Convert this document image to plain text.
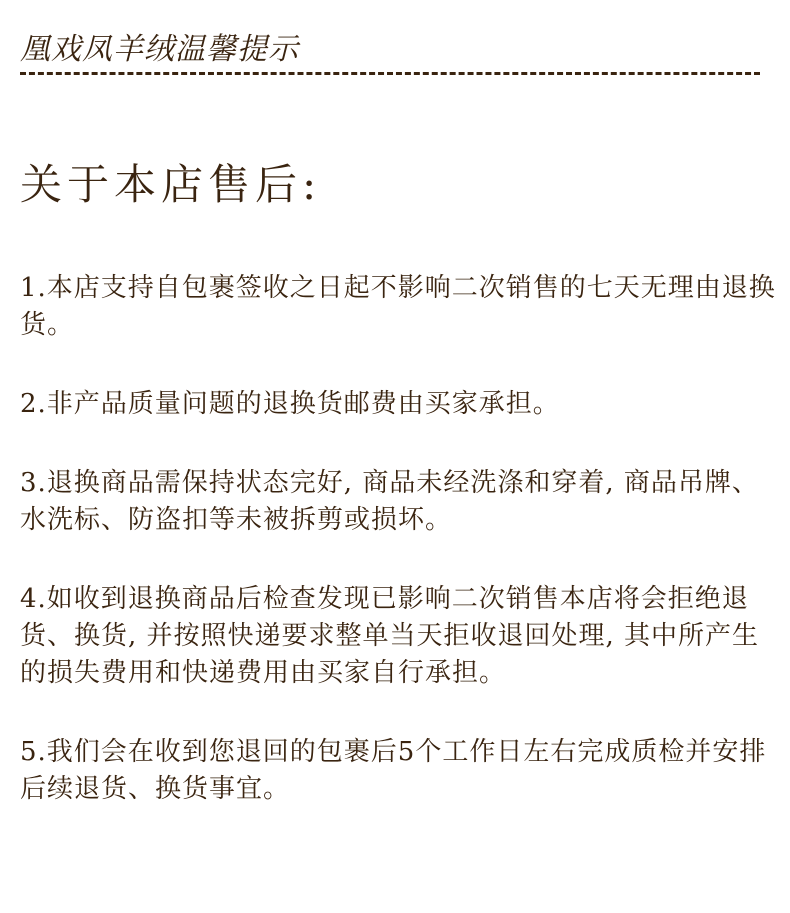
凰戏凤羊绒温馨提示
关于本店售后:

1.本店支持自包裹签收之日起不影响二次销售的七天无理由退换货。

2.非产品质量问题的退换货邮费由买家承担。

3.退换商品需保持状态完好, 商品未经洗涤和穿着, 商品吊牌、水洗标、防盗扣等未被拆剪或损坏。

4.如收到退换商品后检查发现已影响二次销售本店将会拒绝退货、换货, 并按照快递要求整单当天拒收退回处理, 其中所产生的损失费用和快递费用由买家自行承担。

5.我们会在收到您退回的包裹后5个工作日左右完成质检并安排后续退货、换货事宜。
